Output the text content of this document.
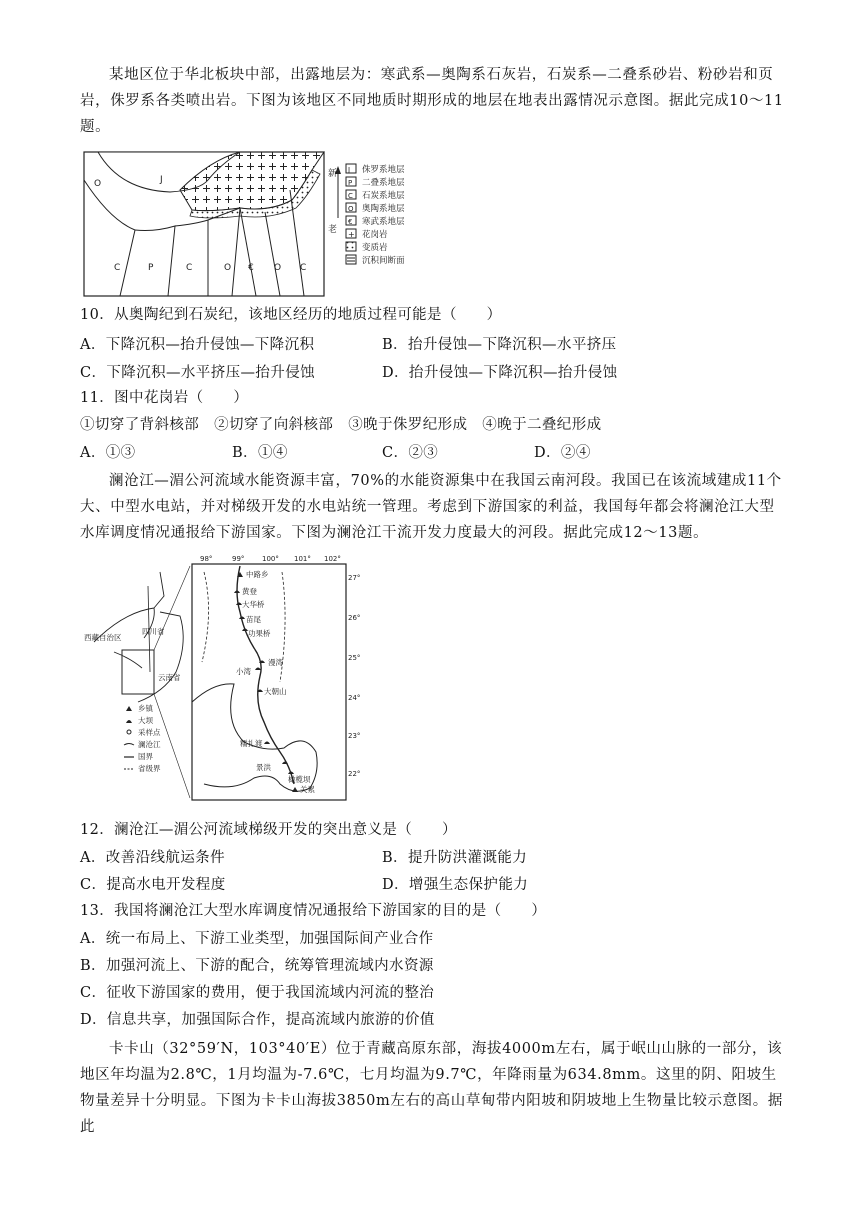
某地区位于华北板块中部，出露地层为：寒武系—奥陶系石灰岩，石炭系—二叠系砂岩、粉砂岩和页岩，侏罗系各类喷出岩。下图为该地区不同地质时期形成的地层在地表出露情况示意图。据此完成10～11题。
O	J
C	P	C	O € O C
新
老
J 侏罗系地层
P 二叠系地层
C 石炭系地层
O 奥陶系地层
€ 寒武系地层
+ 花岗岩
变质岩
沉积间断面
10．从奥陶纪到石炭纪，该地区经历的地质过程可能是（　　）
A．下降沉积—抬升侵蚀—下降沉积	B．抬升侵蚀—下降沉积—水平挤压
C．下降沉积—水平挤压—抬升侵蚀	D．抬升侵蚀—下降沉积—抬升侵蚀
11．图中花岗岩（　　）
①切穿了背斜核部　②切穿了向斜核部　③晚于侏罗纪形成　④晚于二叠纪形成
A．①③	B．①④	C．②③	D．②④
澜沧江—湄公河流域水能资源丰富，70%的水能资源集中在我国云南河段。我国已在该流域建成11个大、中型水电站，并对梯级开发的水电站统一管理。考虑到下游国家的利益，我国每年都会将澜沧江大型水库调度情况通报给下游国家。下图为澜沧江干流开发力度最大的河段。据此完成12～13题。
西藏自治区
四川省
云南省
乡镇
大坝
采样点
澜沧江
国界
省级界
98°	99°	100° 101° 102°
27°
26°
25°
24°
23°
22°
中路乡
黄登
大华桥
苗尾
功果桥
漫湾
小湾
大朝山
糯扎渡
景洪
橄榄坝
关累
12．澜沧江—湄公河流域梯级开发的突出意义是（　　）
A．改善沿线航运条件	B．提升防洪灌溉能力
C．提高水电开发程度	D．增强生态保护能力
13．我国将澜沧江大型水库调度情况通报给下游国家的目的是（　　）
A．统一布局上、下游工业类型，加强国际间产业合作
B．加强河流上、下游的配合，统筹管理流域内水资源
C．征收下游国家的费用，便于我国流域内河流的整治
D．信息共享，加强国际合作，提高流域内旅游的价值
卡卡山（32°59′N，103°40′E）位于青藏高原东部，海拔4000m左右，属于岷山山脉的一部分，该地区年均温为2.8℃，1月均温为-7.6℃，七月均温为9.7℃，年降雨量为634.8mm。这里的阴、阳坡生物量差异十分明显。下图为卡卡山海拔3850m左右的高山草甸带内阳坡和阴坡地上生物量比较示意图。据此
